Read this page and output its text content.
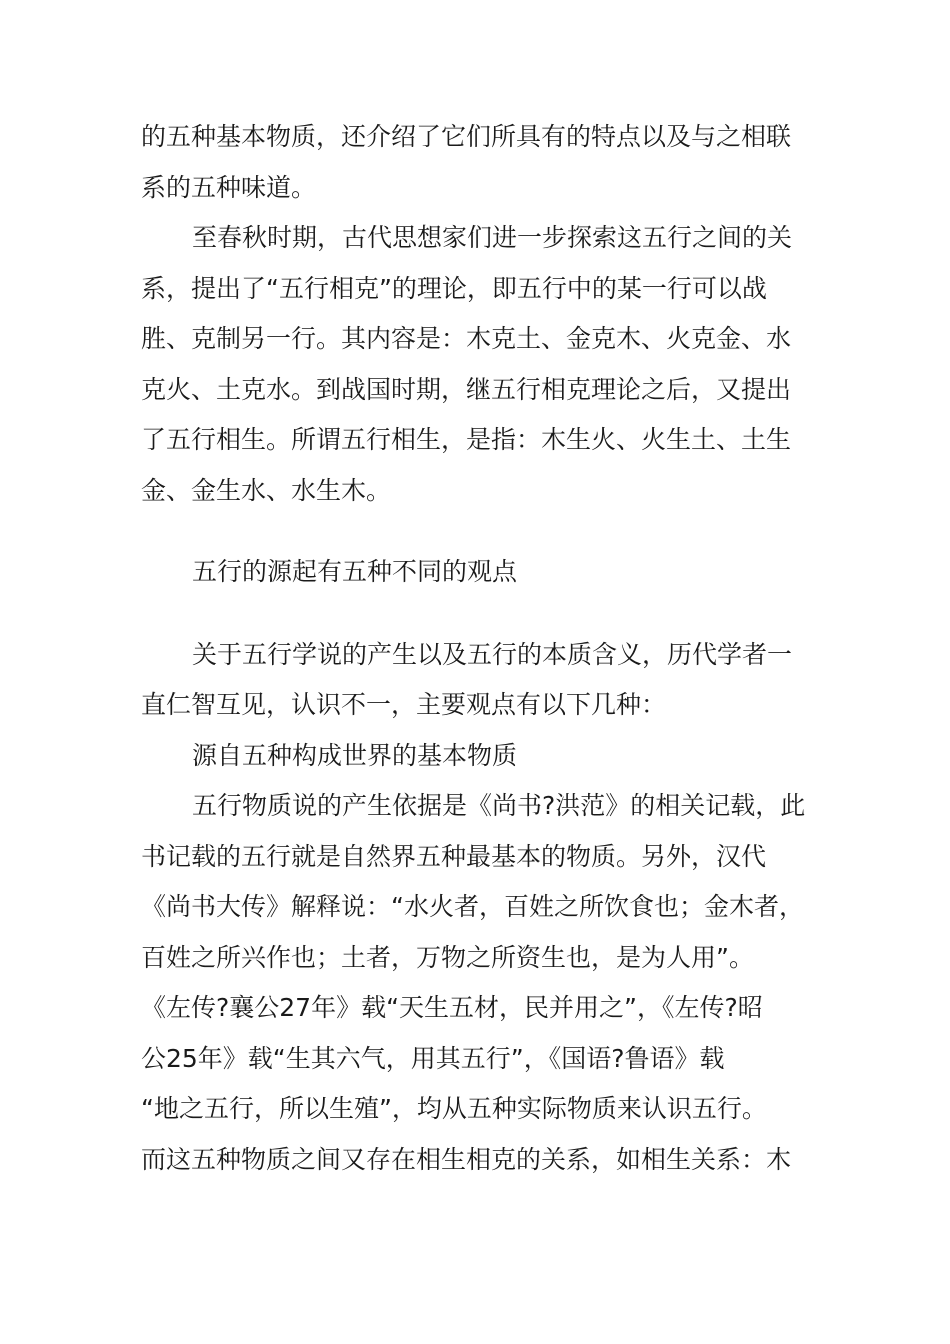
的五种基本物质，还介绍了它们所具有的特点以及与之相联
系的五种味道。
至春秋时期，古代思想家们进一步探索这五行之间的关
系，提出了“五行相克”的理论，即五行中的某一行可以战
胜、克制另一行。其内容是：木克土、金克木、火克金、水
克火、土克水。到战国时期，继五行相克理论之后，又提出
了五行相生。所谓五行相生，是指：木生火、火生土、土生
金、金生水、水生木。
五行的源起有五种不同的观点
关于五行学说的产生以及五行的本质含义，历代学者一
直仁智互见，认识不一，主要观点有以下几种：
源自五种构成世界的基本物质
五行物质说的产生依据是《尚书?洪范》的相关记载，此
书记载的五行就是自然界五种最基本的物质。另外，汉代
《尚书大传》解释说：“水火者，百姓之所饮食也；金木者，
百姓之所兴作也；土者，万物之所资生也，是为人用”。
《左传?襄公27年》载“天生五材，民并用之”，《左传?昭
公25年》载“生其六气，用其五行”，《国语?鲁语》载
“地之五行，所以生殖”，均从五种实际物质来认识五行。
而这五种物质之间又存在相生相克的关系，如相生关系：木
